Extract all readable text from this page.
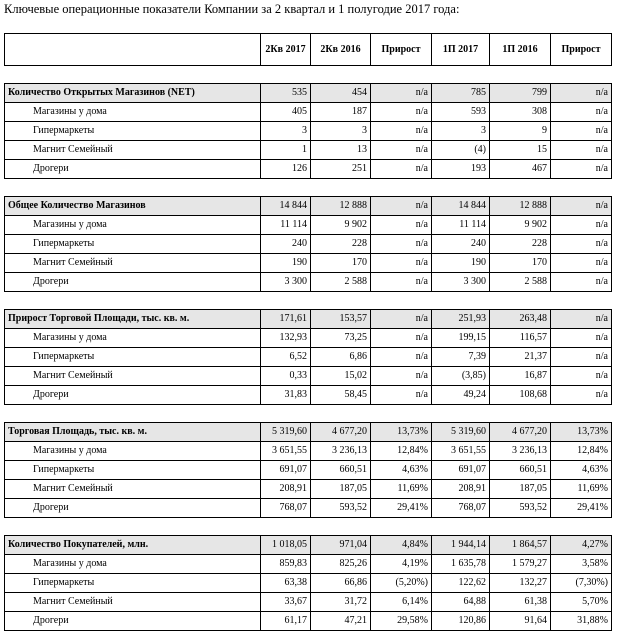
Ключевые операционные показатели Компании за 2 квартал и 1 полугодие 2017 года:
	2Кв 2017	2Кв 2016	Прирост	1П 2017	1П 2016	Прирост

Количество Открытых Магазинов (NET)	535	454	n/a	785	799	n/a
Магазины у дома	405	187	n/a	593	308	n/a
Гипермаркеты	3	3	n/a	3	9	n/a
Магнит Семейный	1	13	n/a	(4)	15	n/a
Дрогери	126	251	n/a	193	467	n/a

Общее Количество Магазинов	14 844	12 888	n/a	14 844	12 888	n/a
Магазины у дома	11 114	9 902	n/a	11 114	9 902	n/a
Гипермаркеты	240	228	n/a	240	228	n/a
Магнит Семейный	190	170	n/a	190	170	n/a
Дрогери	3 300	2 588	n/a	3 300	2 588	n/a

Прирост Торговой Площади, тыс. кв. м.	171,61	153,57	n/a	251,93	263,48	n/a
Магазины у дома	132,93	73,25	n/a	199,15	116,57	n/a
Гипермаркеты	6,52	6,86	n/a	7,39	21,37	n/a
Магнит Семейный	0,33	15,02	n/a	(3,85)	16,87	n/a
Дрогери	31,83	58,45	n/a	49,24	108,68	n/a

Торговая Площадь, тыс. кв. м.	5 319,60	4 677,20	13,73%	5 319,60	4 677,20	13,73%
Магазины у дома	3 651,55	3 236,13	12,84%	3 651,55	3 236,13	12,84%
Гипермаркеты	691,07	660,51	4,63%	691,07	660,51	4,63%
Магнит Семейный	208,91	187,05	11,69%	208,91	187,05	11,69%
Дрогери	768,07	593,52	29,41%	768,07	593,52	29,41%

Количество Покупателей, млн.	1 018,05	971,04	4,84%	1 944,14	1 864,57	4,27%
Магазины у дома	859,83	825,26	4,19%	1 635,78	1 579,27	3,58%
Гипермаркеты	63,38	66,86	(5,20%)	122,62	132,27	(7,30%)
Магнит Семейный	33,67	31,72	6,14%	64,88	61,38	5,70%
Дрогери	61,17	47,21	29,58%	120,86	91,64	31,88%
